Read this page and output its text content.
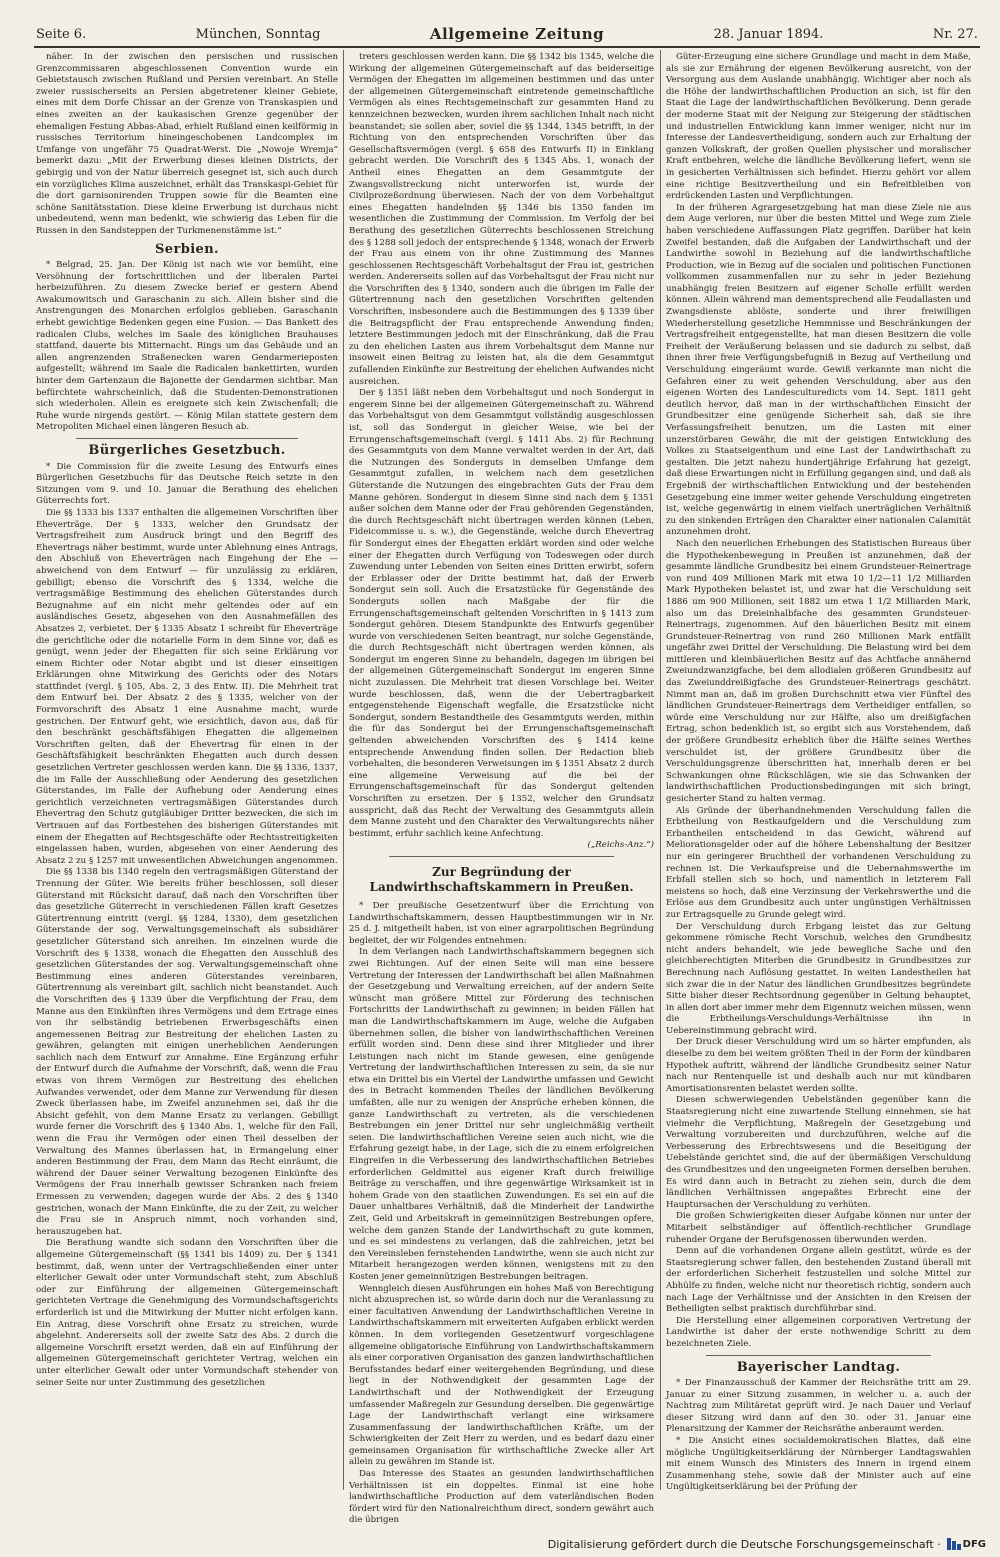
Seite 6.	München, Sonntag	Allgemeine Zeitung	28. Januar 1894.	Nr. 27.

näher. In der zwischen den persischen und russischen Grenzcommissaren abgeschlossenen Convention wurde ein Gebietstausch zwischen Rußland und Persien vereinbart. An Stelle zweier russischerseits an Persien abgetretener kleiner Gebiete, eines mit dem Dorfe Chissar an der Grenze von Transkaspien und eines zweiten an der kaukasischen Grenze gegenüber der ehemaligen Festung Abbas-Abad, erhielt Rußland einen keilförmig in russisches Territorium hineingeschobenen Landcomplex im Umfange von ungefähr 75 Quadrat-Werst. Die „Nowoje Wremja“ bemerkt dazu: „Mit der Erwerbung dieses kleinen Districts, der gebirgig und von der Natur überreich gesegnet ist, sich auch durch ein vorzügliches Klima auszeichnet, erhält das Transkaspi-Gebiet für die dort garnisonirenden Truppen sowie für die Beamten eine schöne Sanitätsstation. Diese kleine Erwerbung ist durchaus nicht unbedeutend, wenn man bedenkt, wie schwierig das Leben für die Russen in den Sandsteppen der Turkmenenstämme ist.“

Serbien.

* Belgrad, 25. Jan. Der König ist nach wie vor bemüht, eine Versöhnung der fortschrittlichen und der liberalen Partei herbeizuführen. Zu diesem Zwecke berief er gestern Abend Awakumowitsch und Garaschanin zu sich. Allein bisher sind die Anstrengungen des Monarchen erfolglos geblieben. Garaschanin erhebt gewichtige Bedenken gegen eine Fusion. — Das Bankett des radicalen Clubs, welches im Saale des königlichen Brauhauses stattfand, dauerte bis Mitternacht. Rings um das Gebäude und an allen angrenzenden Straßenecken waren Gendarmerieposten aufgestellt; während im Saale die Radicalen bankettirten, wurden hinter dem Gartenzaun die Bajonette der Gendarmen sichtbar. Man befürchtete wahrscheinlich, daß die Studenten-Demonstrationen sich wiederholen. Allein es ereignete sich kein Zwischenfall; die Ruhe wurde nirgends gestört. — König Milan stattete gestern dem Metropoliten Michael einen längeren Besuch ab.

Bürgerliches Gesetzbuch.

* Die Commission für die zweite Lesung des Entwurfs eines Bürgerlichen Gesetzbuchs für das Deutsche Reich setzte in den Sitzungen vom 9. und 10. Januar die Berathung des ehelichen Güterrechts fort.

Die §§ 1333 bis 1337 enthalten die allgemeinen Vorschriften über Eheverträge. Der § 1333, welcher den Grundsatz der Vertragsfreiheit zum Ausdruck bringt und den Begriff des Ehevertrags näher bestimmt, wurde unter Ablehnung eines Antrags, den Abschluß von Eheverträgen nach Eingehung der Ehe — abweichend von dem Entwurf — für unzulässig zu erklären, gebilligt; ebenso die Vorschrift des § 1334, welche die vertragsmäßige Bestimmung des ehelichen Güterstandes durch Bezugnahme auf ein nicht mehr geltendes oder auf ein ausländisches Gesetz, abgesehen von den Ausnahmefällen des Absatzes 2, verbietet. Der § 1335 Absatz 1 schreibt für Eheverträge die gerichtliche oder die notarielle Form in dem Sinne vor, daß es genügt, wenn jeder der Ehegatten für sich seine Erklärung vor einem Richter oder Notar abgibt und ist dieser einseitigen Erklärungen ohne Mitwirkung des Gerichts oder des Notars stattfindet (vergl. § 105, Abs. 2, 3 des Entw. II). Die Mehrheit trat dem Entwurf bei. Der Absatz 2 des § 1335, welcher von der Formvorschrift des Absatz 1 eine Ausnahme macht, wurde gestrichen. Der Entwurf geht, wie ersichtlich, davon aus, daß für den beschränkt geschäftsfähigen Ehegatten die allgemeinen Vorschriften gelten, daß der Ehevertrag für einen in der Geschäftsfähigkeit beschränkten Ehegatten auch durch dessen gesetzlichen Vertreter geschlossen werden kann. Die §§ 1336, 1337, die im Falle der Ausschließung oder Aenderung des gesetzlichen Güterstandes, im Falle der Aufhebung oder Aenderung eines gerichtlich verzeichneten vertragsmäßigen Güterstandes durch Ehevertrag den Schutz gutgläubiger Dritter bezwecken, die sich im Vertrauen auf das Fortbestehen des bisherigen Güterstandes mit einem der Ehegatten auf Rechtsgeschäfte oder Rechtsstreitigkeiten eingelassen haben, wurden, abgesehen von einer Aenderung des Absatz 2 zu § 1257 mit unwesentlichen Abweichungen angenommen.

Die §§ 1338 bis 1340 regeln den vertragsmäßigen Güterstand der Trennung der Güter. Wie bereits früher beschlossen, soll dieser Güterstand mit Rücksicht darauf, daß nach den Vorschriften über das gesetzliche Güterrecht in verschiedenen Fällen kraft Gesetzes Gütertrennung eintritt (vergl. §§ 1284, 1330), dem gesetzlichen Güterstande der sog. Verwaltungsgemeinschaft als subsidiärer gesetzlicher Güterstand sich anreihen. Im einzelnen wurde die Vorschrift des § 1338, wonach die Ehegatten den Ausschluß des gesetzlichen Güterstandes der sog. Verwaltungsgemeinschaft ohne Bestimmung eines anderen Güterstandes vereinbaren, Gütertrennung als vereinbart gilt, sachlich nicht beanstandet. Auch die Vorschriften des § 1339 über die Verpflichtung der Frau, dem Manne aus den Einkünften ihres Vermögens und dem Ertrage eines von ihr selbständig betriebenen Erwerbsgeschäfts einen angemessenen Beitrag zur Bestreitung der ehelichen Lasten zu gewähren, gelangten mit einigen unerheblichen Aenderungen sachlich nach dem Entwurf zur Annahme. Eine Ergänzung erfuhr der Entwurf durch die Aufnahme der Vorschrift, daß, wenn die Frau etwas von ihrem Vermögen zur Bestreitung des ehelichen Aufwandes verwendet, oder dem Manne zur Verwendung für diesen Zweck überlassen habe, im Zweifel anzunehmen sei, daß ihr die Absicht gefehlt, von dem Manne Ersatz zu verlangen. Gebilligt wurde ferner die Vorschrift des § 1340 Abs. 1, welche für den Fall, wenn die Frau ihr Vermögen oder einen Theil desselben der Verwaltung des Mannes überlassen hat, in Ermangelung einer anderen Bestimmung der Frau, dem Mann das Recht einräumt, die während der Dauer seiner Verwaltung bezogenen Einkünfte des Vermögens der Frau innerhalb gewisser Schranken nach freiem Ermessen zu verwenden; dagegen wurde der Abs. 2 des § 1340 gestrichen, wonach der Mann Einkünfte, die zu der Zeit, zu welcher die Frau sie in Anspruch nimmt, noch vorhanden sind, herauszugeben hat.

Die Berathung wandte sich sodann den Vorschriften über die allgemeine Gütergemeinschaft (§§ 1341 bis 1409) zu. Der § 1341 bestimmt, daß, wenn unter der Vertragschließenden einer unter elterlicher Gewalt oder unter Vormundschaft steht, zum Abschluß oder zur Einführung der allgemeinen Gütergemeinschaft gerichteten Vertrage die Genehmigung des Vormundschaftsgerichts erforderlich ist und die Mitwirkung der Mutter nicht erfolgen kann. Ein Antrag, diese Vorschrift ohne Ersatz zu streichen, wurde abgelehnt. Andererseits soll der zweite Satz des Abs. 2 durch die allgemeine Vorschrift ersetzt werden, daß ein auf Einführung der allgemeinen Gütergemeinschaft gerichteter Vertrag, welchen ein unter elterlicher Gewalt oder unter Vormundschaft stehender von seiner Seite nur unter Zustimmung des gesetzlichen

treters geschlossen werden kann. Die §§ 1342 bis 1345, welche die Wirkung der allgemeinen Gütergemeinschaft auf das beiderseitige Vermögen der Ehegatten im allgemeinen bestimmen und das unter der allgemeinen Gütergemeinschaft eintretende gemeinschaftliche Vermögen als eines Rechtsgemeinschaft zur gesammten Hand zu kennzeichnen bezwecken, wurden ihrem sachlichen Inhalt nach nicht beanstandet; sie sollen aber, soviel die §§ 1344, 1345 betrifft, in der Richtung von den entsprechenden Vorschriften über das Gesellschaftsvermögen (vergl. § 658 des Entwurfs II) in Einklang gebracht werden. Die Vorschrift des § 1345 Abs. 1, wonach der Antheil eines Ehegatten an dem Gesammtgute der Zwangsvollstreckung nicht unterworfen ist, wurde der Civilprozeßordnung überwiesen. Nach der von dem Vorbehaltgut eines Ehegatten handelnden §§ 1346 bis 1350 fanden im wesentlichen die Zustimmung der Commission. Im Verfolg der bei Berathung des gesetzlichen Güterrechts beschlossenen Streichung des § 1288 soll jedoch der entsprechende § 1348, wonach der Erwerb der Frau aus einem von ihr ohne Zustimmung des Mannes geschlossenen Rechtsgeschäft Vorbehaltsgut der Frau ist, gestrichen werden. Andererseits sollen auf das Vorbehaltsgut der Frau nicht nur die Vorschriften des § 1340, sondern auch die übrigen im Falle der Gütertrennung nach den gesetzlichen Vorschriften geltenden Vorschriften, insbesondere auch die Bestimmungen des § 1339 über die Beitragspflicht der Frau entsprechende Anwendung finden; letztere Bestimmungen jedoch mit der Einschränkung, daß die Frau zu den ehelichen Lasten aus ihrem Vorbehaltsgut dem Manne nur insoweit einen Beitrag zu leisten hat, als die dem Gesammtgut zufallenden Einkünfte zur Bestreitung der ehelichen Aufwandes nicht ausreichen.

Der § 1351 läßt neben dem Vorbehaltsgut und noch Sondergut in engerem Sinne bei der allgemeinen Gütergemeinschaft zu. Während das Vorbehaltsgut von dem Gesammtgut vollständig ausgeschlossen ist, soll das Sondergut in gleicher Weise, wie bei der Errungenschaftsgemeinschaft (vergl. § 1411 Abs. 2) für Rechnung des Gesammtguts von dem Manne verwaltet werden in der Art, daß die Nutzungen des Sonderguts in demselben Umfange dem Gesammtgut zufallen, in welchem nach dem gesetzlichen Güterstande die Nutzungen des eingebrachten Guts der Frau dem Manne gehören. Sondergut in diesem Sinne sind nach dem § 1351 außer solchen dem Manne oder der Frau gehörenden Gegenständen, die durch Rechtsgeschäft nicht übertragen werden können (Leben, Fideicommisse u. s. w.), die Gegenstände, welche durch Ehevertrag für Sondergut eines der Ehegatten erklärt worden sind oder welche einer der Ehegatten durch Verfügung von Todeswegen oder durch Zuwendung unter Lebenden von Seiten eines Dritten erwirbt, sofern der Erblasser oder der Dritte bestimmt hat, daß der Erwerb Sondergut sein soll. Auch die Ersatzstücke für Gegenstände des Sonderguts sollen nach Maßgabe der für die Errungenschaftsgemeinschaft geltenden Vorschriften in § 1413 zum Sondergut gehören. Diesem Standpunkte des Entwurfs gegenüber wurde von verschiedenen Seiten beantragt, nur solche Gegenstände, die durch Rechtsgeschäft nicht übertragen werden können, als Sondergut im engeren Sinne zu behandeln, dagegen im übrigen bei der allgemeinen Gütergemeinschaft Sondergut im engeren Sinne nicht zuzulassen. Die Mehrheit trat diesen Vorschlage bei. Weiter wurde beschlossen, daß, wenn die der Uebertragbarkeit entgegenstehende Eigenschaft wegfalle, die Ersatzstücke nicht Sondergut, sondern Bestandtheile des Gesammtguts werden, mithin die für das Sondergut bei der Errungenschaftsgemeinschaft geltenden abweichenden Vorschriften des § 1414 keine entsprechende Anwendung finden sollen. Der Redaction blieb vorbehalten, die besonderen Verweisungen im § 1351 Absatz 2 durch eine allgemeine Verweisung auf die bei der Errungenschaftsgemeinschaft für das Sondergut geltenden Vorschriften zu ersetzen. Der § 1352, welcher den Grundsatz ausspricht, daß das Recht der Verwaltung des Gesammtguts allein dem Manne zusteht und den Charakter des Verwaltungsrechts näher bestimmt, erfuhr sachlich keine Anfechtung.

(„Reichs-Anz.“)
Zur Begründung der Landwirthschaftskammern in Preußen.

* Der preußische Gesetzentwurf über die Errichtung von Landwirthschaftskammern, dessen Hauptbestimmungen wir in Nr. 25 d. J. mitgetheilt haben, ist von einer agrarpolitischen Begründung begleitet, der wir Folgendes entnehmen:

In dem Verlangen nach Landwirthschaftskammern begegnen sich zwei Richtungen. Auf der einen Seite will man eine bessere Vertretung der Interessen der Landwirthschaft bei allen Maßnahmen der Gesetzgebung und Verwaltung erreichen, auf der andern Seite wünscht man größere Mittel zur Förderung des technischen Fortschritts der Landwirthschaft zu gewinnen; in beiden Fällen hat man die Landwirthschaftskammern im Auge, welche die Aufgaben übernehmen sollen, die bisher von landwirthschaftlichen Vereinen erfüllt worden sind. Denn diese sind ihrer Mitglieder und ihrer Leistungen nach nicht im Stande gewesen, eine genügende Vertretung der landwirthschaftlichen Interessen zu sein, da sie nur etwa ein Drittel bis ein Viertel der Landwirthe umfassen und Gewicht des in Betracht kommenden Theiles der ländlichen Bevölkerung umfaßten, alle nur zu wenigen der Ansprüche erheben können, die ganze Landwirthschaft zu vertreten, als die verschiedenen Bestrebungen ein jener Drittel nur sehr ungleichmäßig vertheilt seien. Die landwirthschaftlichen Vereine seien auch nicht, wie die Erfahrung gezeigt habe, in der Lage, sich die zu einem erfolgreichen Eingreifen in die Verbesserung des landwirthschaftlichen Betriebes erforderlichen Geldmittel aus eigener Kraft durch freiwillige Beiträge zu verschaffen, und ihre gegenwärtige Wirksamkeit ist in hohem Grade von den staatlichen Zuwendungen. Es sei ein auf die Dauer unhaltbares Verhältniß, daß die Minderheit der Landwirthe Zeit, Geld und Arbeitskraft in gemeinnützigen Bestrebungen opfere, welche dem ganzen Stande der Landwirthschaft zu gute kommen, und es sei mindestens zu verlangen, daß die zahlreichen, jetzt bei den Vereinsleben fernstehenden Landwirthe, wenn sie auch nicht zur Mitarbeit herangezogen werden können, wenigstens mit zu den Kosten jener gemeinnützigen Bestrebungen beitragen.

Wenngleich diesen Ausführungen ein hohes Maß von Berechtigung nicht abzusprechen ist, so würde darin doch nur die Veranlassung zu einer facultativen Anwendung der Landwirthschaftlichen Vereine in Landwirthschaftskammern mit erweiterten Aufgaben erblickt werden können. In dem vorliegenden Gesetzentwurf vorgeschlagene allgemeine obligatorische Einführung von Landwirthschaftskammern als einer corporativen Organisation des ganzen landwirthschaftlichen Berufsstandes bedarf einer weitergehenden Begründung, und diese liegt in der Nothwendigkeit der gesammten Lage der Landwirthschaft und der Nothwendigkeit der Erzeugung umfassender Maßregeln zur Gesundung derselben. Die gegenwärtige Lage der Landwirthschaft verlangt eine wirksamere Zusammenfassung der landwirthschaftlichen Kräfte, um der Schwierigkeiten der Zeit Herr zu werden, und es bedarf dazu einer gemeinsamen Organisation für wirthschaftliche Zwecke aller Art allein zu gewähren im Stande ist.

Das Interesse des Staates an gesunden landwirthschaftlichen Verhältnissen ist ein doppeltes. Einmal ist eine hohe landwirthschaftliche Production auf dem vaterländischen Boden fördert wird für den Nationalreichthum direct, sondern gewährt auch die übrigen

Güter-Erzeugung eine sichere Grundlage und macht in dem Maße, als sie zur Ernährung der eigenen Bevölkerung ausreicht, von der Versorgung aus dem Auslande unabhängig. Wichtiger aber noch als die Höhe der landwirthschaftlichen Production an sich, ist für den Staat die Lage der landwirthschaftlichen Bevölkerung. Denn gerade der moderne Staat mit der Neigung zur Steigerung der städtischen und industriellen Entwicklung kann immer weniger, nicht nur im Interesse der Landesvertheidigung, sondern auch zur Erhaltung der ganzen Volkskraft, der großen Quellen physischer und moralischer Kraft entbehren, welche die ländliche Bevölkerung liefert, wenn sie in gesicherten Verhältnissen sich befindet. Hierzu gehört vor allem eine richtige Besitzvertheilung und ein Befreitbleiben von erdrückenden Lasten und Verpflichtungen.

In der früheren Agrargesetzgebung hat man diese Ziele nie aus dem Auge verloren, nur über die besten Mittel und Wege zum Ziele haben verschiedene Auffassungen Platz gegriffen. Darüber hat kein Zweifel bestanden, daß die Aufgaben der Landwirthschaft und der Landwirthe sowohl in Beziehung auf die landwirthschaftliche Production, wie in Bezug auf die socialen und politischen Functionen vollkommen zusammenfallen nur zu sehr in jeder Beziehung unabhängig freien Besitzern auf eigener Scholle erfüllt werden können. Allein während man dementsprechend alle Feudallasten und Zwangsdienste ablöste, sonderte und ihrer freiwilligen Wiederherstellung gesetzliche Hemmnisse und Beschränkungen der Vertragsfreiheit entgegenstellte, hat man diesen Besitzern die volle Freiheit der Veräußerung belassen und sie dadurch zu selbst, daß ihnen ihrer freie Verfügungsbefugniß in Bezug auf Vertheilung und Verschuldung eingeräumt wurde. Gewiß verkannte man nicht die Gefahren einer zu weit gehenden Verschuldung, aber aus den eigenen Worten des Landesculturedicts vom 14. Sept. 1811 geht deutlich hervor, daß man in der wirthschaftlichen Einsicht der Grundbesitzer eine genügende Sicherheit sah, daß sie ihre Verfassungsfreiheit benutzen, um die Lasten mit einer unzerstörbaren Gewähr, die mit der geistigen Entwicklung des Volkes zu Staatseigenthum und eine Last der Landwirthschaft zu gestalten. Die jetzt nahezu hundertjährige Erfahrung hat gezeigt, daß diese Erwartungen nicht in Erfüllung gegangen sind, und daß als Ergebniß der wirthschaftlichen Entwicklung und der bestehenden Gesetzgebung eine immer weiter gehende Verschuldung eingetreten ist, welche gegenwärtig in einem vielfach unerträglichen Verhältniß zu den sinkenden Erträgen den Charakter einer nationalen Calamität anzunehmen droht.

Nach den neuerlichen Erhebungen des Statistischen Bureaus über die Hypothekenbewegung in Preußen ist anzunehmen, daß der gesammte ländliche Grundbesitz bei einem Grundsteuer-Reinertrage von rund 409 Millionen Mark mit etwa 10 1/2—11 1/2 Milliarden Mark Hypotheken belastet ist, und zwar hat die Verschuldung seit 1886 um 900 Millionen, seit 1882 um etwa 1 1/2 Milliarden Mark, also um das Dreieinhalbfache des gesammten Grundsteuer-Reinertrags, zugenommen. Auf den bäuerlichen Besitz mit einem Grundsteuer-Reinertrag von rund 260 Millionen Mark entfällt ungefähr zwei Drittel der Verschuldung. Die Belastung wird bei dem mittleren und kleinbäuerlichen Besitz auf das Achtfache annähernd Zweiundzwanzigfache, bei dem allodialen größeren Grundbesitz auf das Zweiunddreißigfache des Grundsteuer-Reinertrags geschätzt. Nimmt man an, daß im großen Durchschnitt etwa vier Fünftel des ländlichen Grundsteuer-Reinertrags dem Vertheidiger entfallen, so würde eine Verschuldung nur zur Hälfte, also um dreißigfachen Ertrag, schon bedenklich ist, so ergibt sich aus Vorstehendem, daß der größere Grundbesitz erheblich über die Hälfte seines Werthes verschuldet ist, der größere Grundbesitz über die Verschuldungsgrenze überschritten hat, innerhalb deren er bei Schwankungen ohne Rückschlägen, wie sie das Schwanken der landwirthschaftlichen Productionsbedingungen mit sich bringt, gesicherter Stand zu halten vermag.

Als Gründe der überhandnehmenden Verschuldung fallen die Erbtheilung von Restkaufgeldern und die Verschuldung zum Erbantheilen entscheidend in das Gewicht, während auf Meliorationsgelder oder auf die höhere Lebenshaltung der Besitzer nur ein geringerer Bruchtheil der vorhandenen Verschuldung zu rechnen ist. Die Verkaufspreise und die Uebernahmswerthe im Erbfall stellen sich so hoch, und namentlich in letzterem Fall meistens so hoch, daß eine Verzinsung der Verkehrswerthe und die Erlöse aus dem Grundbesitz auch unter ungünstigen Verhältnissen zur Ertragsquelle zu Grunde gelegt wird.

Der Verschuldung durch Erbgang leistet das zur Geltung gekommene römische Recht Vorschub, welches den Grundbesitz nicht anders behandelt, wie jede bewegliche Sache und den gleichberechtigten Miterben die Grundbesitz in Grundbesitzes zur Berechnung nach Auflösung gestattet. In weiten Landestheilen hat sich zwar die in der Natur des ländlichen Grundbesitzes begründete Sitte bisher dieser Rechtsordnung gegenüber in Geltung behauptet, in allen dort aber immer mehr dem Eigennutz weichen müssen, wenn die Erbtheilungs-Verschuldungs-Verhältnisse ihn in Uebereinstimmung gebracht wird.

Der Druck dieser Verschuldung wird um so härter empfunden, als dieselbe zu dem bei weitem größten Theil in der Form der kündbaren Hypothek auftritt, während der ländliche Grundbesitz seiner Natur nach nur Rentenquelle ist und deshalb auch nur mit kündbaren Amortisationsrenten belastet werden sollte.

Diesen schwerwiegenden Uebelständen gegenüber kann die Staatsregierung nicht eine zuwartende Stellung einnehmen, sie hat vielmehr die Verpflichtung, Maßregeln der Gesetzgebung und Verwaltung vorzubereiten und durchzuführen, welche auf die Verbesserung des Erbrechtswesens und die Beseitigung der Uebelstände gerichtet sind, die auf der übermäßigen Verschuldung des Grundbesitzes und den ungeeigneten Formen derselben beruhen. Es wird dann auch in Betracht zu ziehen sein, durch die dem ländlichen Verhältnissen angepaßtes Erbrecht eine der Hauptursachen der Verschuldung zu verhüten.

Die großen Schwierigkeiten dieser Aufgabe können nur unter der Mitarbeit selbständiger auf öffentlich-rechtlicher Grundlage ruhender Organe der Berufsgenossen überwunden werden.

Denn auf die vorhandenen Organe allein gestützt, würde es der Staatsregierung schwer fallen, den bestehenden Zustand überall mit der erforderlichen Sicherheit festzustellen und solche Mittel zur Abhülfe zu finden, welche nicht nur theoretisch richtig, sondern auch nach Lage der Verhältnisse und der Ansichten in den Kreisen der Betheiligten selbst praktisch durchführbar sind.

Die Herstellung einer allgemeinen corporativen Vertretung der Landwirthe ist daher der erste nothwendige Schritt zu dem bezeichneten Ziele.

Bayerischer Landtag.

* Der Finanzausschuß der Kammer der Reichsräthe tritt am 29. Januar zu einer Sitzung zusammen, in welcher u. a. auch der Nachtrag zum Militäretat geprüft wird. Je nach Dauer und Verlauf dieser Sitzung wird dann auf den 30. oder 31. Januar eine Plenarsitzung der Kammer der Reichsräthe anberaumt werden.

* Die Ansicht eines socialdemokratischen Blattes, daß eine mögliche Ungültigkeitserklärung der Nürnberger Landtagswahlen mit einem Wunsch des Ministers des Innern in irgend einem Zusammenhang stehe, sowie daß der Minister auch auf eine Ungültigkeitserklärung bei der Prüfung der

Digitalisierung gefördert durch die Deutsche Forschungsgemeinschaft · DFG
